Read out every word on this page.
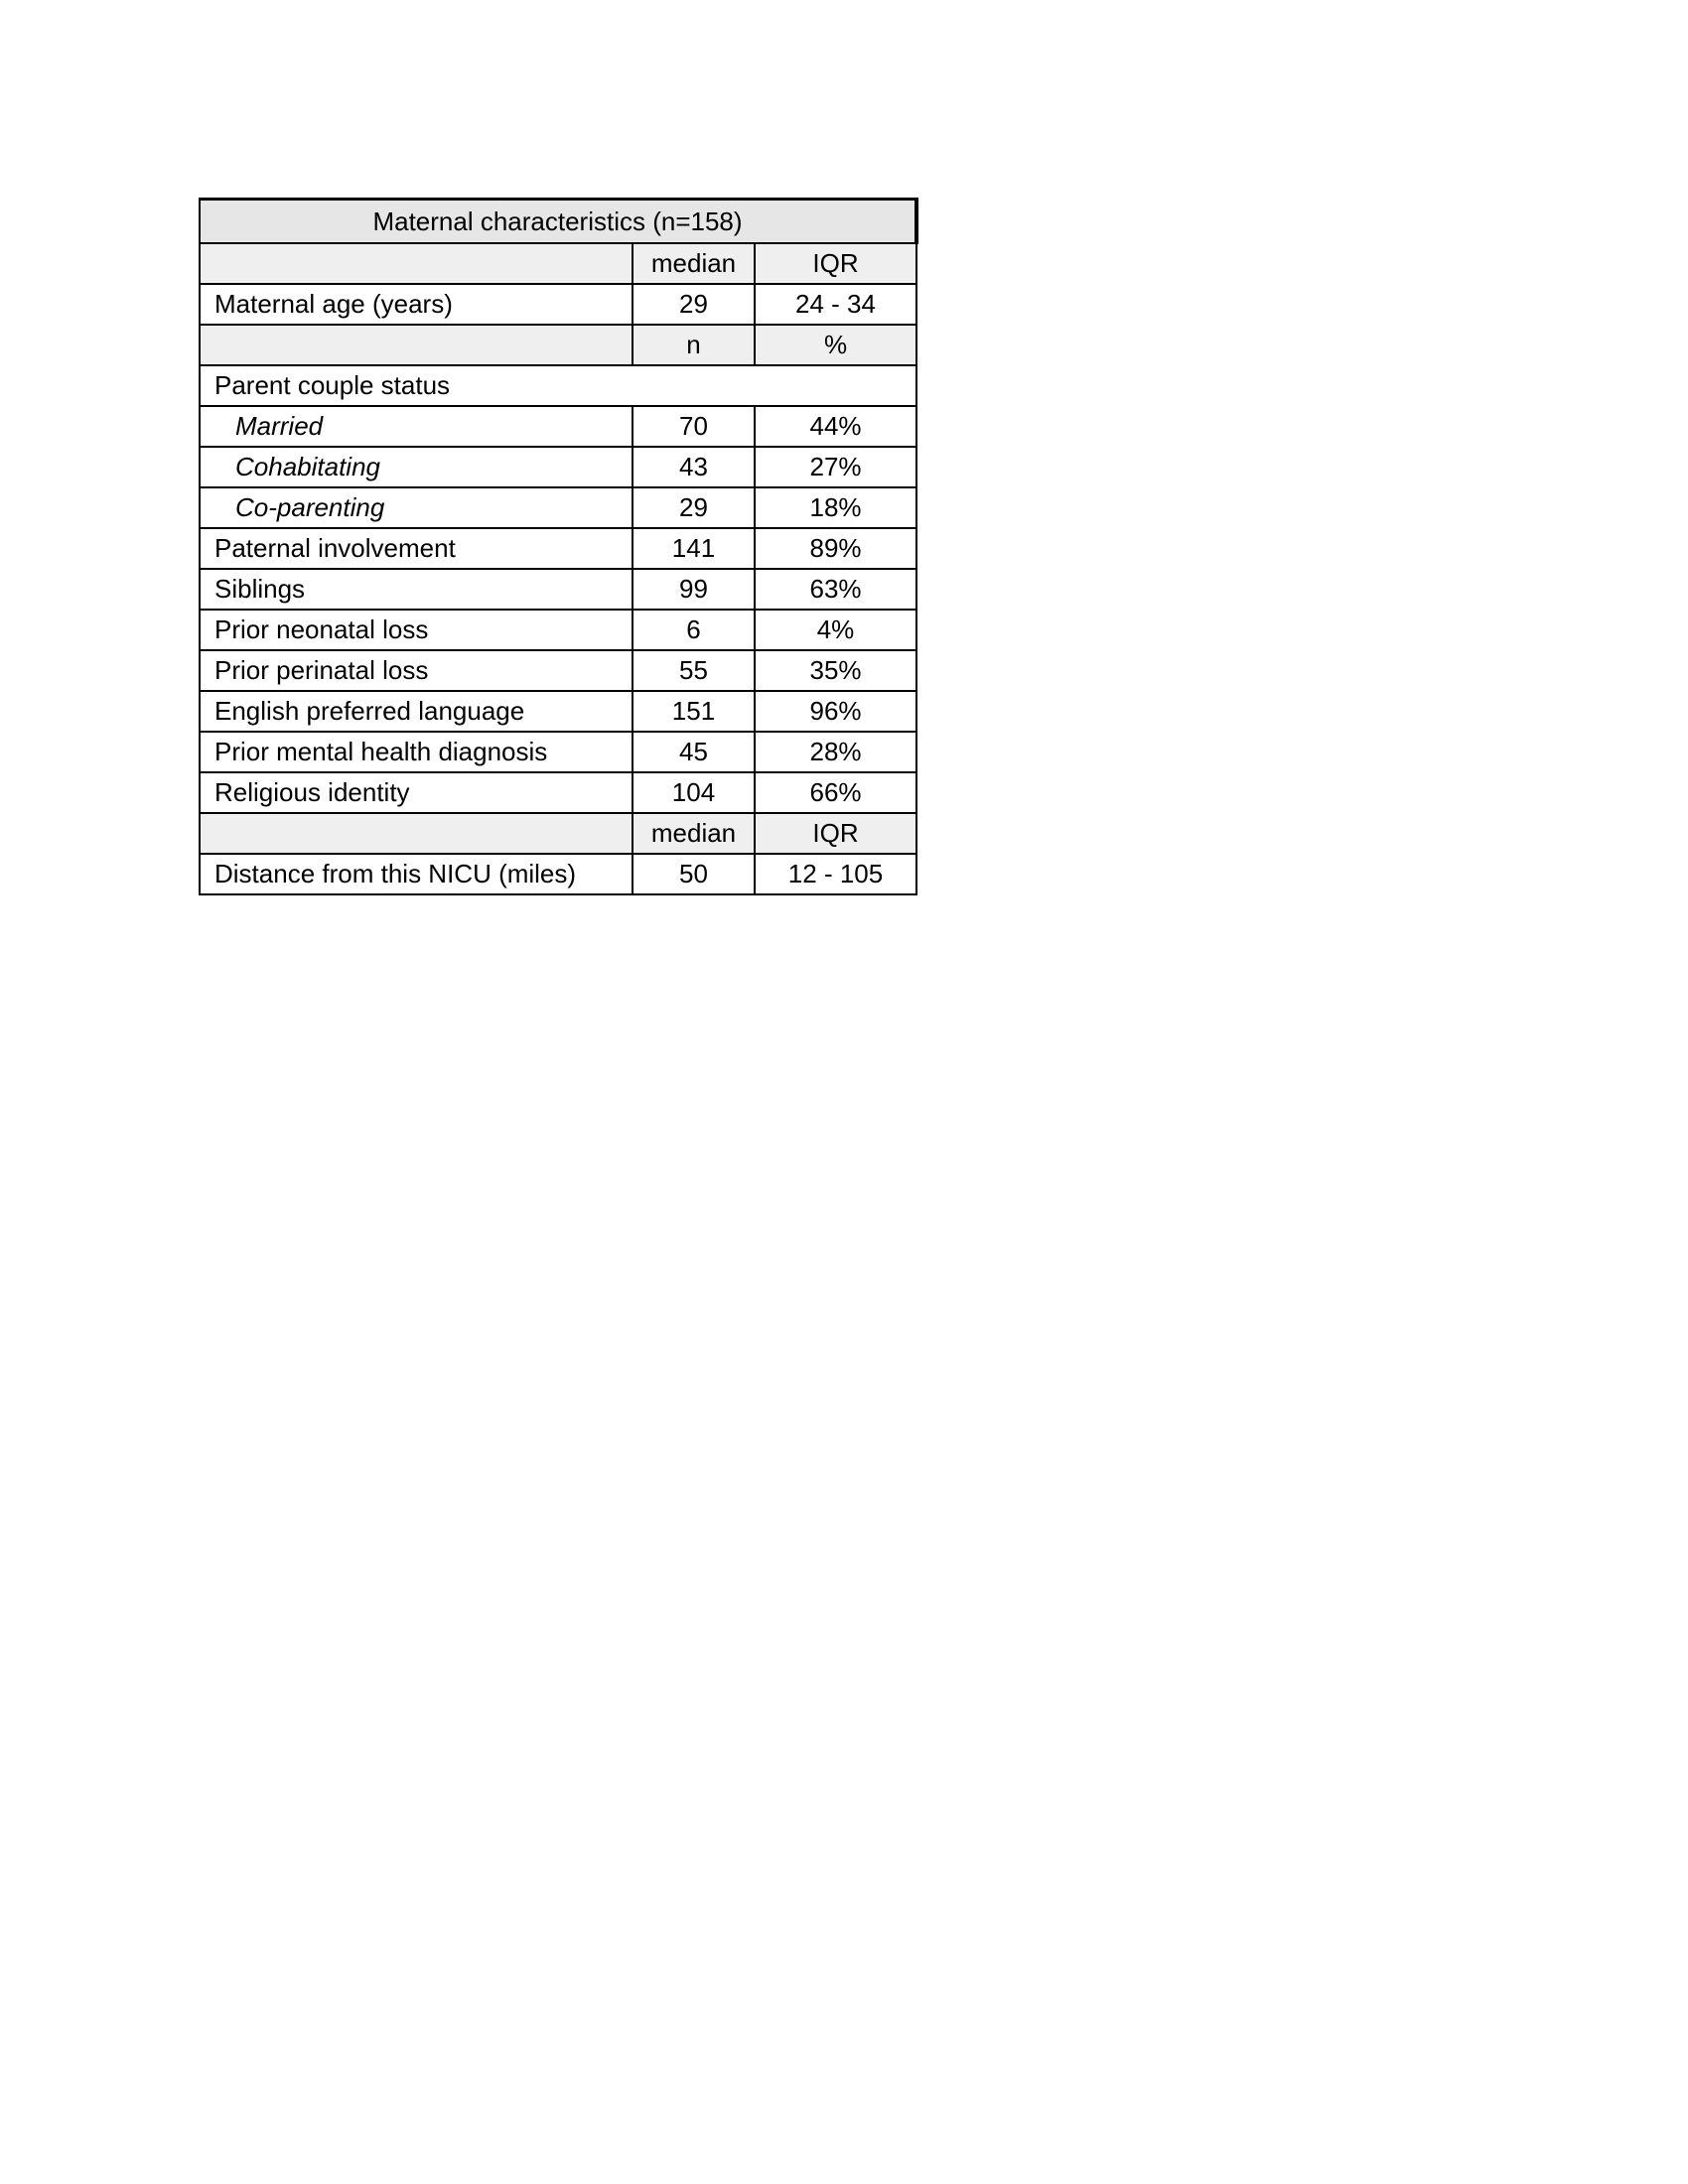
Maternal characteristics (n=158)		
	median	IQR
Maternal age (years)	29	24 - 34
	n	%
Parent couple status		
Married	70	44%
Cohabitating	43	27%
Co-parenting	29	18%
Paternal involvement	141	89%
Siblings	99	63%
Prior neonatal loss	6	4%
Prior perinatal loss	55	35%
English preferred language	151	96%
Prior mental health diagnosis	45	28%
Religious identity	104	66%
	median	IQR
Distance from this NICU (miles)	50	12 - 105
